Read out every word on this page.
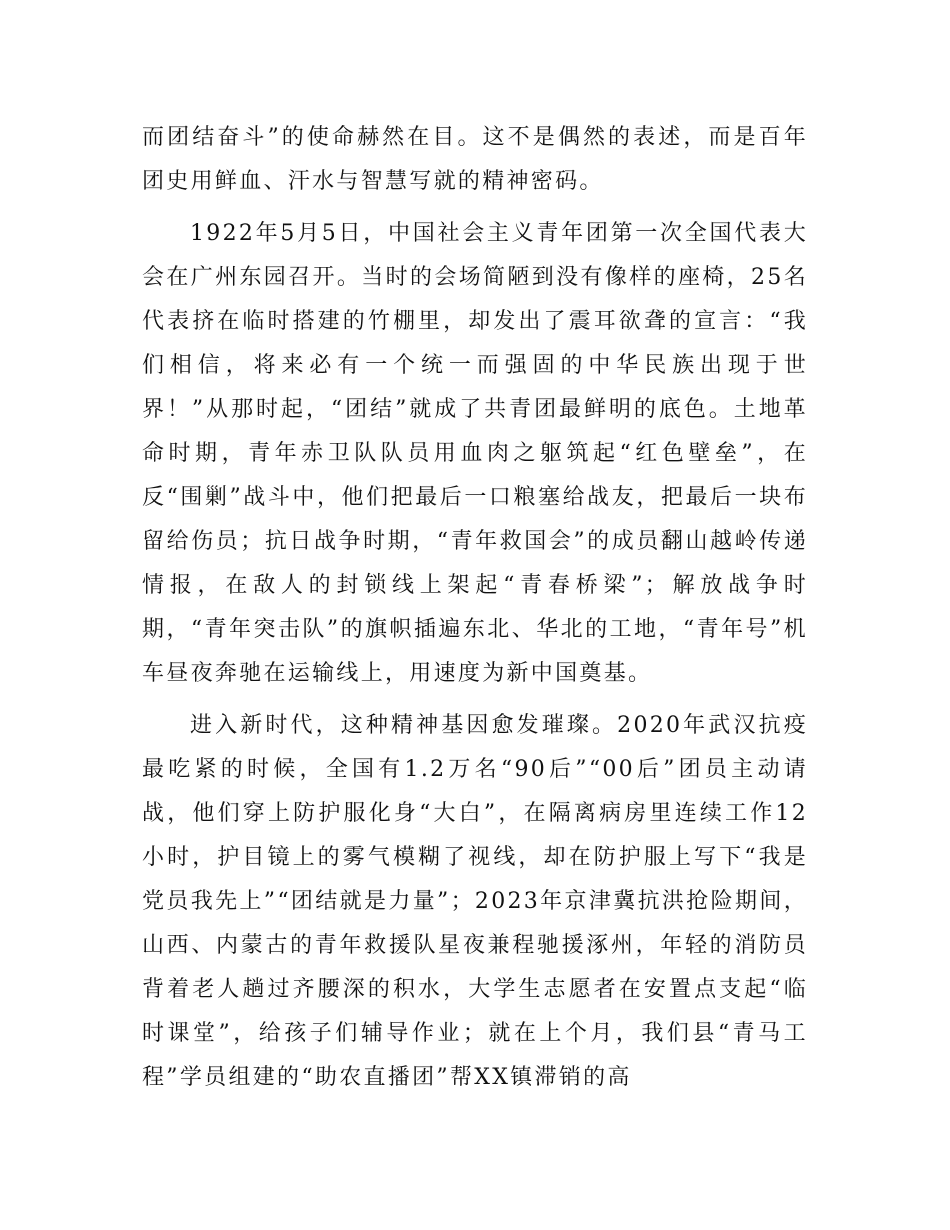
而团结奋斗”的使命赫然在目。这不是偶然的表述，而是百年团史用鲜血、汗水与智慧写就的精神密码。

1922年5月5日，中国社会主义青年团第一次全国代表大会在广州东园召开。当时的会场简陋到没有像样的座椅，25名代表挤在临时搭建的竹棚里，却发出了震耳欲聋的宣言：“我们相信，将来必有一个统一而强固的中华民族出现于世界！”从那时起，“团结”就成了共青团最鲜明的底色。土地革命时期，青年赤卫队队员用血肉之躯筑起“红色壁垒”，在反“围剿”战斗中，他们把最后一口粮塞给战友，把最后一块布留给伤员；抗日战争时期，“青年救国会”的成员翻山越岭传递情报，在敌人的封锁线上架起“青春桥梁”；解放战争时期，“青年突击队”的旗帜插遍东北、华北的工地，“青年号”机车昼夜奔驰在运输线上，用速度为新中国奠基。

进入新时代，这种精神基因愈发璀璨。2020年武汉抗疫最吃紧的时候，全国有1.2万名“90后”“00后”团员主动请战，他们穿上防护服化身“大白”，在隔离病房里连续工作12小时，护目镜上的雾气模糊了视线，却在防护服上写下“我是党员我先上”“团结就是力量”；2023年京津冀抗洪抢险期间，山西、内蒙古的青年救援队星夜兼程驰援涿州，年轻的消防员背着老人趟过齐腰深的积水，大学生志愿者在安置点支起“临时课堂”，给孩子们辅导作业；就在上个月，我们县“青马工程”学员组建的“助农直播团”帮XX镇滞销的高
